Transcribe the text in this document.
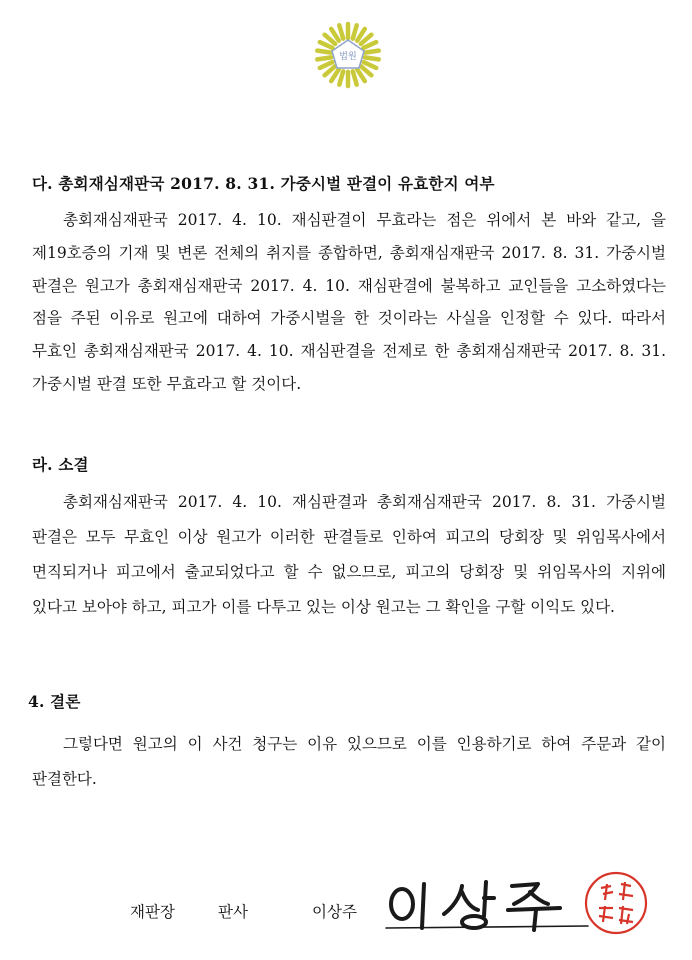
법원
다. 총회재심재판국 2017. 8. 31. 가중시벌 판결이 유효한지 여부
총회재심재판국 2017. 4. 10. 재심판결이 무효라는 점은 위에서 본 바와 같고, 을 제19호증의 기재 및 변론 전체의 취지를 종합하면, 총회재심재판국 2017. 8. 31. 가중시벌 판결은 원고가 총회재심재판국 2017. 4. 10. 재심판결에 불복하고 교인들을 고소하였다는 점을 주된 이유로 원고에 대하여 가중시벌을 한 것이라는 사실을 인정할 수 있다. 따라서 무효인 총회재심재판국 2017. 4. 10. 재심판결을 전제로 한 총회재심재판국 2017. 8. 31. 가중시벌 판결 또한 무효라고 할 것이다.
라. 소결
총회재심재판국 2017. 4. 10. 재심판결과 총회재심재판국 2017. 8. 31. 가중시벌 판결은 모두 무효인 이상 원고가 이러한 판결들로 인하여 피고의 당회장 및 위임목사에서 면직되거나 피고에서 출교되었다고 할 수 없으므로, 피고의 당회장 및 위임목사의 지위에 있다고 보아야 하고, 피고가 이를 다투고 있는 이상 원고는 그 확인을 구할 이익도 있다.
4. 결론
그렇다면 원고의 이 사건 청구는 이유 있으므로 이를 인용하기로 하여 주문과 같이 판결한다.
재판장	판사	이상주
